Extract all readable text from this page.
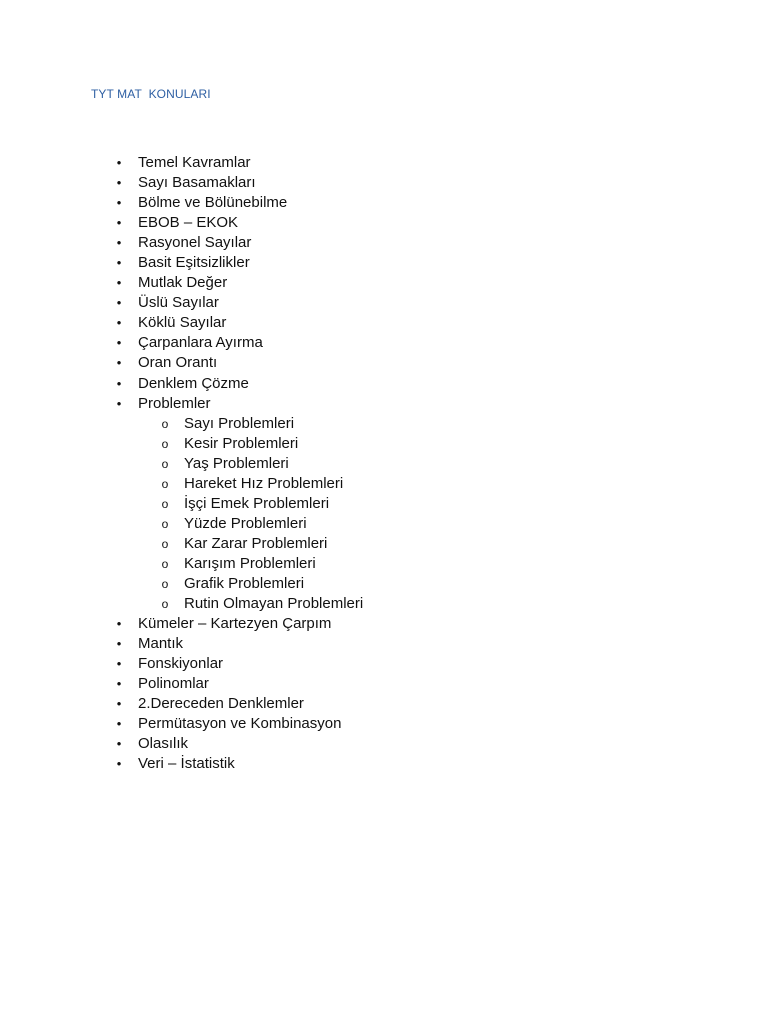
TYT MAT  KONULARI
• Temel Kavramlar
• Sayı Basamakları
• Bölme ve Bölünebilme
• EBOB – EKOK
• Rasyonel Sayılar
• Basit Eşitsizlikler
• Mutlak Değer
• Üslü Sayılar
• Köklü Sayılar
• Çarpanlara Ayırma
• Oran Orantı
• Denklem Çözme
• Problemler
o Sayı Problemleri
o Kesir Problemleri
o Yaş Problemleri
o Hareket Hız Problemleri
o İşçi Emek Problemleri
o Yüzde Problemleri
o Kar Zarar Problemleri
o Karışım Problemleri
o Grafik Problemleri
o Rutin Olmayan Problemleri
• Kümeler – Kartezyen Çarpım
• Mantık
• Fonskiyonlar
• Polinomlar
• 2.Dereceden Denklemler
• Permütasyon ve Kombinasyon
• Olasılık
• Veri – İstatistik
